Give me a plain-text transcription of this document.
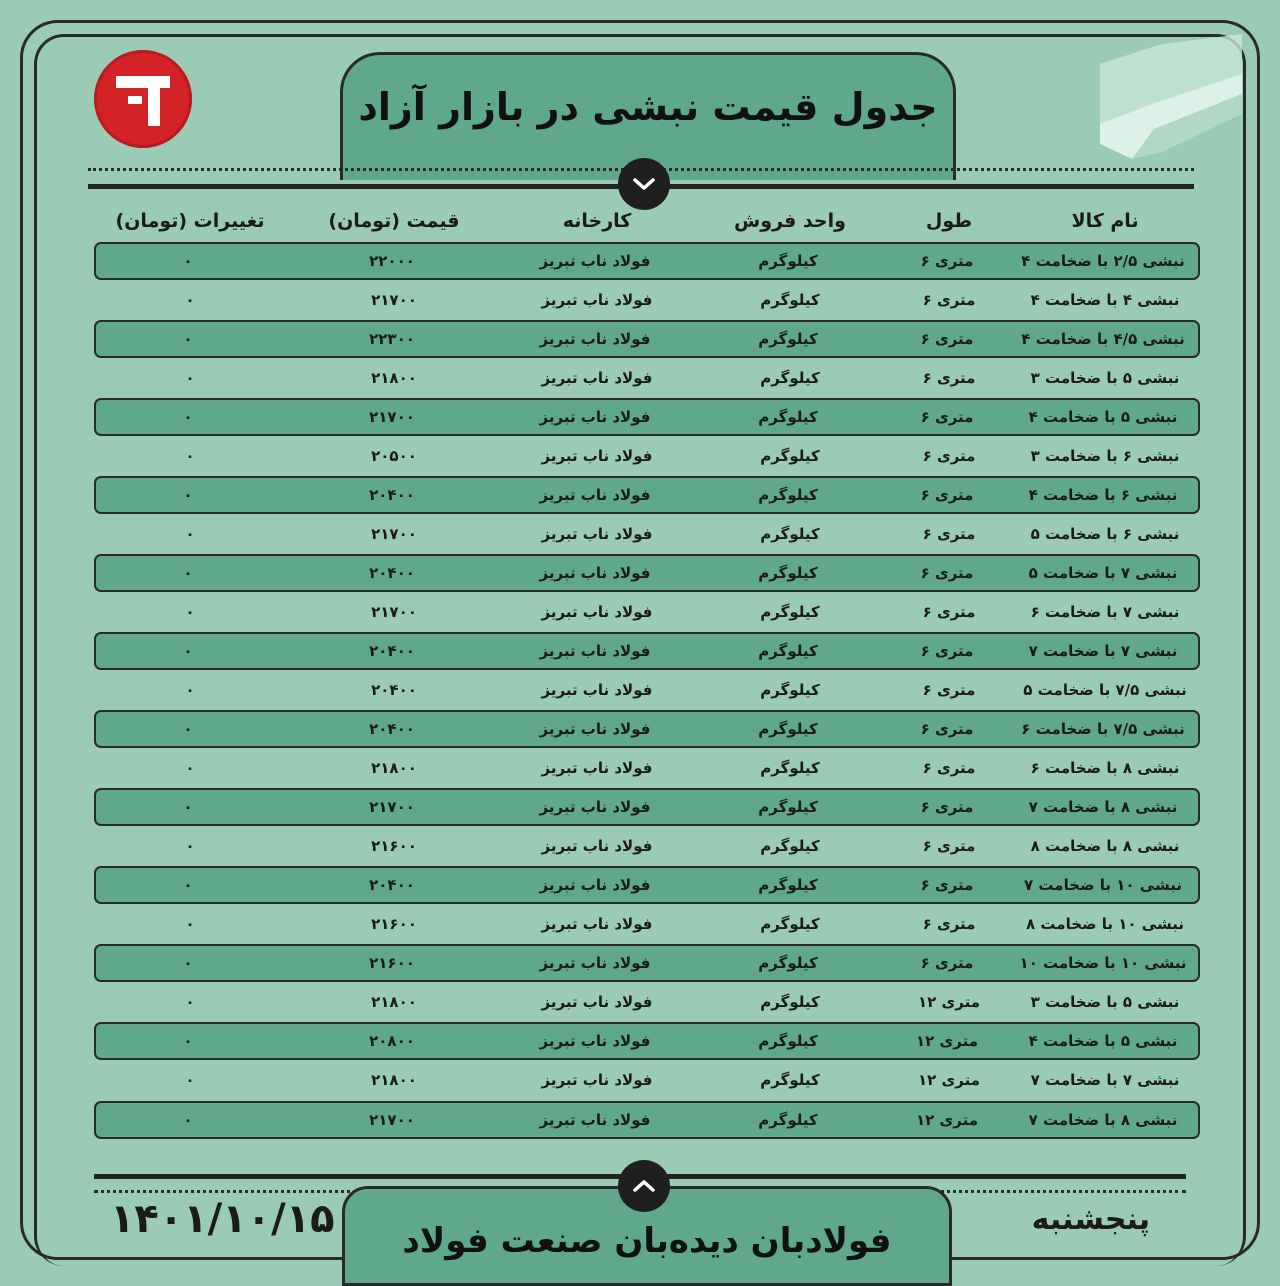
جدول قیمت نبشی در بازار آزاد
نام کالا
طول
واحد فروش
کارخانه
قیمت (تومان)
تغییرات (تومان)
نبشی ۲/۵ با ضخامت ۴
متری ۶
کیلوگرم
فولاد ناب تبریز
۲۲۰۰۰
۰
نبشی ۴ با ضخامت ۴
متری ۶
کیلوگرم
فولاد ناب تبریز
۲۱۷۰۰
۰
نبشی ۴/۵ با ضخامت ۴
متری ۶
کیلوگرم
فولاد ناب تبریز
۲۲۳۰۰
۰
نبشی ۵ با ضخامت ۳
متری ۶
کیلوگرم
فولاد ناب تبریز
۲۱۸۰۰
۰
نبشی ۵ با ضخامت ۴
متری ۶
کیلوگرم
فولاد ناب تبریز
۲۱۷۰۰
۰
نبشی ۶ با ضخامت ۳
متری ۶
کیلوگرم
فولاد ناب تبریز
۲۰۵۰۰
۰
نبشی ۶ با ضخامت ۴
متری ۶
کیلوگرم
فولاد ناب تبریز
۲۰۴۰۰
۰
نبشی ۶ با ضخامت ۵
متری ۶
کیلوگرم
فولاد ناب تبریز
۲۱۷۰۰
۰
نبشی ۷ با ضخامت ۵
متری ۶
کیلوگرم
فولاد ناب تبریز
۲۰۴۰۰
۰
نبشی ۷ با ضخامت ۶
متری ۶
کیلوگرم
فولاد ناب تبریز
۲۱۷۰۰
۰
نبشی ۷ با ضخامت ۷
متری ۶
کیلوگرم
فولاد ناب تبریز
۲۰۴۰۰
۰
نبشی ۷/۵ با ضخامت ۵
متری ۶
کیلوگرم
فولاد ناب تبریز
۲۰۴۰۰
۰
نبشی ۷/۵ با ضخامت ۶
متری ۶
کیلوگرم
فولاد ناب تبریز
۲۰۴۰۰
۰
نبشی ۸ با ضخامت ۶
متری ۶
کیلوگرم
فولاد ناب تبریز
۲۱۸۰۰
۰
نبشی ۸ با ضخامت ۷
متری ۶
کیلوگرم
فولاد ناب تبریز
۲۱۷۰۰
۰
نبشی ۸ با ضخامت ۸
متری ۶
کیلوگرم
فولاد ناب تبریز
۲۱۶۰۰
۰
نبشی ۱۰ با ضخامت ۷
متری ۶
کیلوگرم
فولاد ناب تبریز
۲۰۴۰۰
۰
نبشی ۱۰ با ضخامت ۸
متری ۶
کیلوگرم
فولاد ناب تبریز
۲۱۶۰۰
۰
نبشی ۱۰ با ضخامت ۱۰
متری ۶
کیلوگرم
فولاد ناب تبریز
۲۱۶۰۰
۰
نبشی ۵ با ضخامت ۳
متری ۱۲
کیلوگرم
فولاد ناب تبریز
۲۱۸۰۰
۰
نبشی ۵ با ضخامت ۴
متری ۱۲
کیلوگرم
فولاد ناب تبریز
۲۰۸۰۰
۰
نبشی ۷ با ضخامت ۷
متری ۱۲
کیلوگرم
فولاد ناب تبریز
۲۱۸۰۰
۰
نبشی ۸ با ضخامت ۷
متری ۱۲
کیلوگرم
فولاد ناب تبریز
۲۱۷۰۰
۰
فولادبان دیده‌بان صنعت فولاد
۱۴۰۱/۱۰/۱۵	پنجشنبه
